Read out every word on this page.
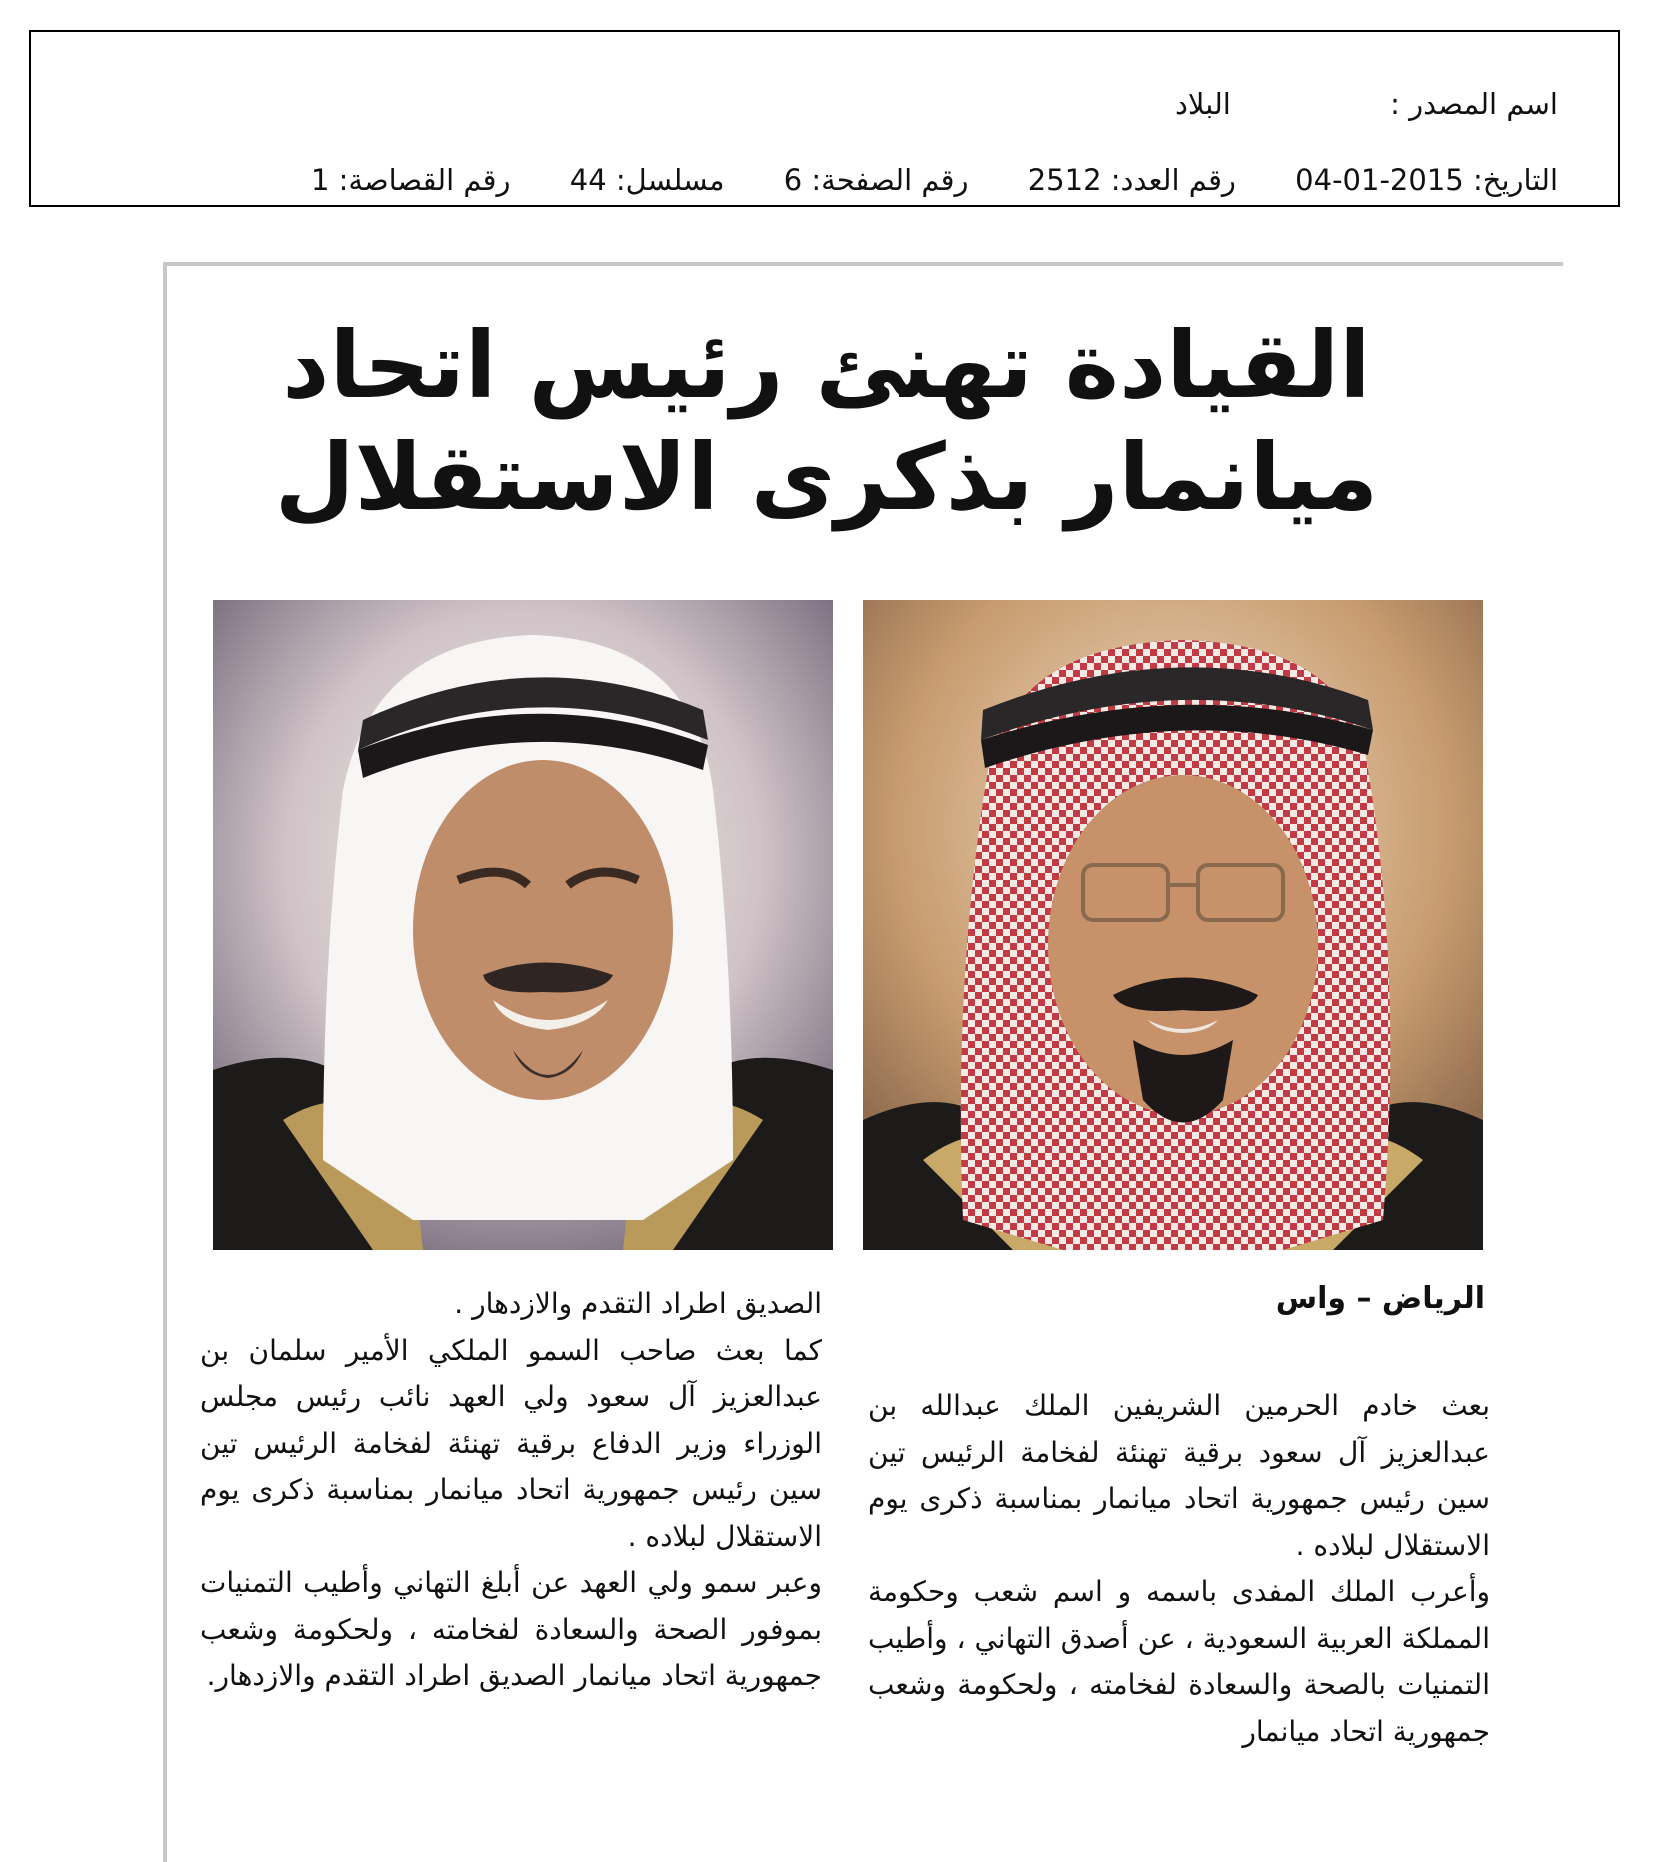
اسم المصدر : البلاد
التاريخ: 2015-01-04 رقم العدد: 2512 رقم الصفحة: 6 مسلسل: 44 رقم القصاصة: 1
القيادة تهنئ رئيس اتحاد
ميانمار بذكرى الاستقلال
الرياض – واس

بعث خادم الحرمين الشريفين الملك عبدالله بن عبدالعزيز آل سعود برقية تهنئة لفخامة الرئيس تين سين رئيس جمهورية اتحاد ميانمار بمناسبة ذكرى يوم الاستقلال لبلاده .

وأعرب الملك المفدى باسمه و اسم شعب وحكومة المملكة العربية السعودية ، عن أصدق التهاني ، وأطيب التمنيات بالصحة والسعادة لفخامته ، ولحكومة وشعب جمهورية اتحاد ميانمار

الصديق اطراد التقدم والازدهار .

كما بعث صاحب السمو الملكي الأمير سلمان بن عبدالعزيز آل سعود ولي العهد نائب رئيس مجلس الوزراء وزير الدفاع برقية تهنئة لفخامة الرئيس تين سين رئيس جمهورية اتحاد ميانمار بمناسبة ذكرى يوم الاستقلال لبلاده .

وعبر سمو ولي العهد عن أبلغ التهاني وأطيب التمنيات بموفور الصحة والسعادة لفخامته ، ولحكومة وشعب جمهورية اتحاد ميانمار الصديق اطراد التقدم والازدهار.
